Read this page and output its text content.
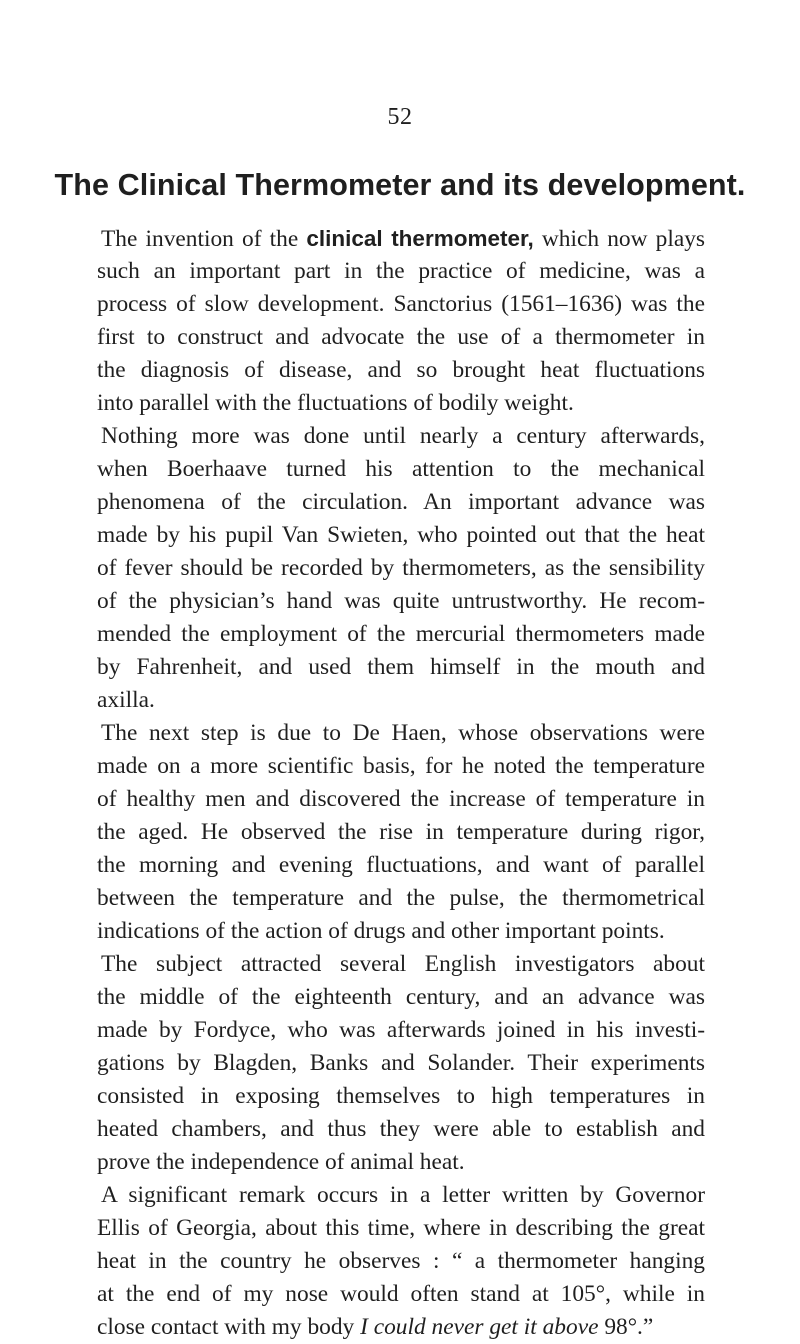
52
The Clinical Thermometer and its development.
The invention of the clinical thermometer, which now plays
such an important part in the practice of medicine, was a
process of slow development. Sanctorius (1561–1636) was the
first to construct and advocate the use of a thermometer in
the diagnosis of disease, and so brought heat fluctuations
into parallel with the fluctuations of bodily weight.
Nothing more was done until nearly a century afterwards,
when Boerhaave turned his attention to the mechanical
phenomena of the circulation. An important advance was
made by his pupil Van Swieten, who pointed out that the heat
of fever should be recorded by thermometers, as the sensibility
of the physician’s hand was quite untrustworthy. He recom-
mended the employment of the mercurial thermometers made
by Fahrenheit, and used them himself in the mouth and
axilla.
The next step is due to De Haen, whose observations were
made on a more scientific basis, for he noted the temperature
of healthy men and discovered the increase of temperature in
the aged. He observed the rise in temperature during rigor,
the morning and evening fluctuations, and want of parallel
between the temperature and the pulse, the thermometrical
indications of the action of drugs and other important points.
The subject attracted several English investigators about
the middle of the eighteenth century, and an advance was
made by Fordyce, who was afterwards joined in his investi-
gations by Blagden, Banks and Solander. Their experiments
consisted in exposing themselves to high temperatures in
heated chambers, and thus they were able to establish and
prove the independence of animal heat.
A significant remark occurs in a letter written by Governor
Ellis of Georgia, about this time, where in describing the great
heat in the country he observes : “ a thermometer hanging
at the end of my nose would often stand at 105°, while in
close contact with my body I could never get it above 98°.”
